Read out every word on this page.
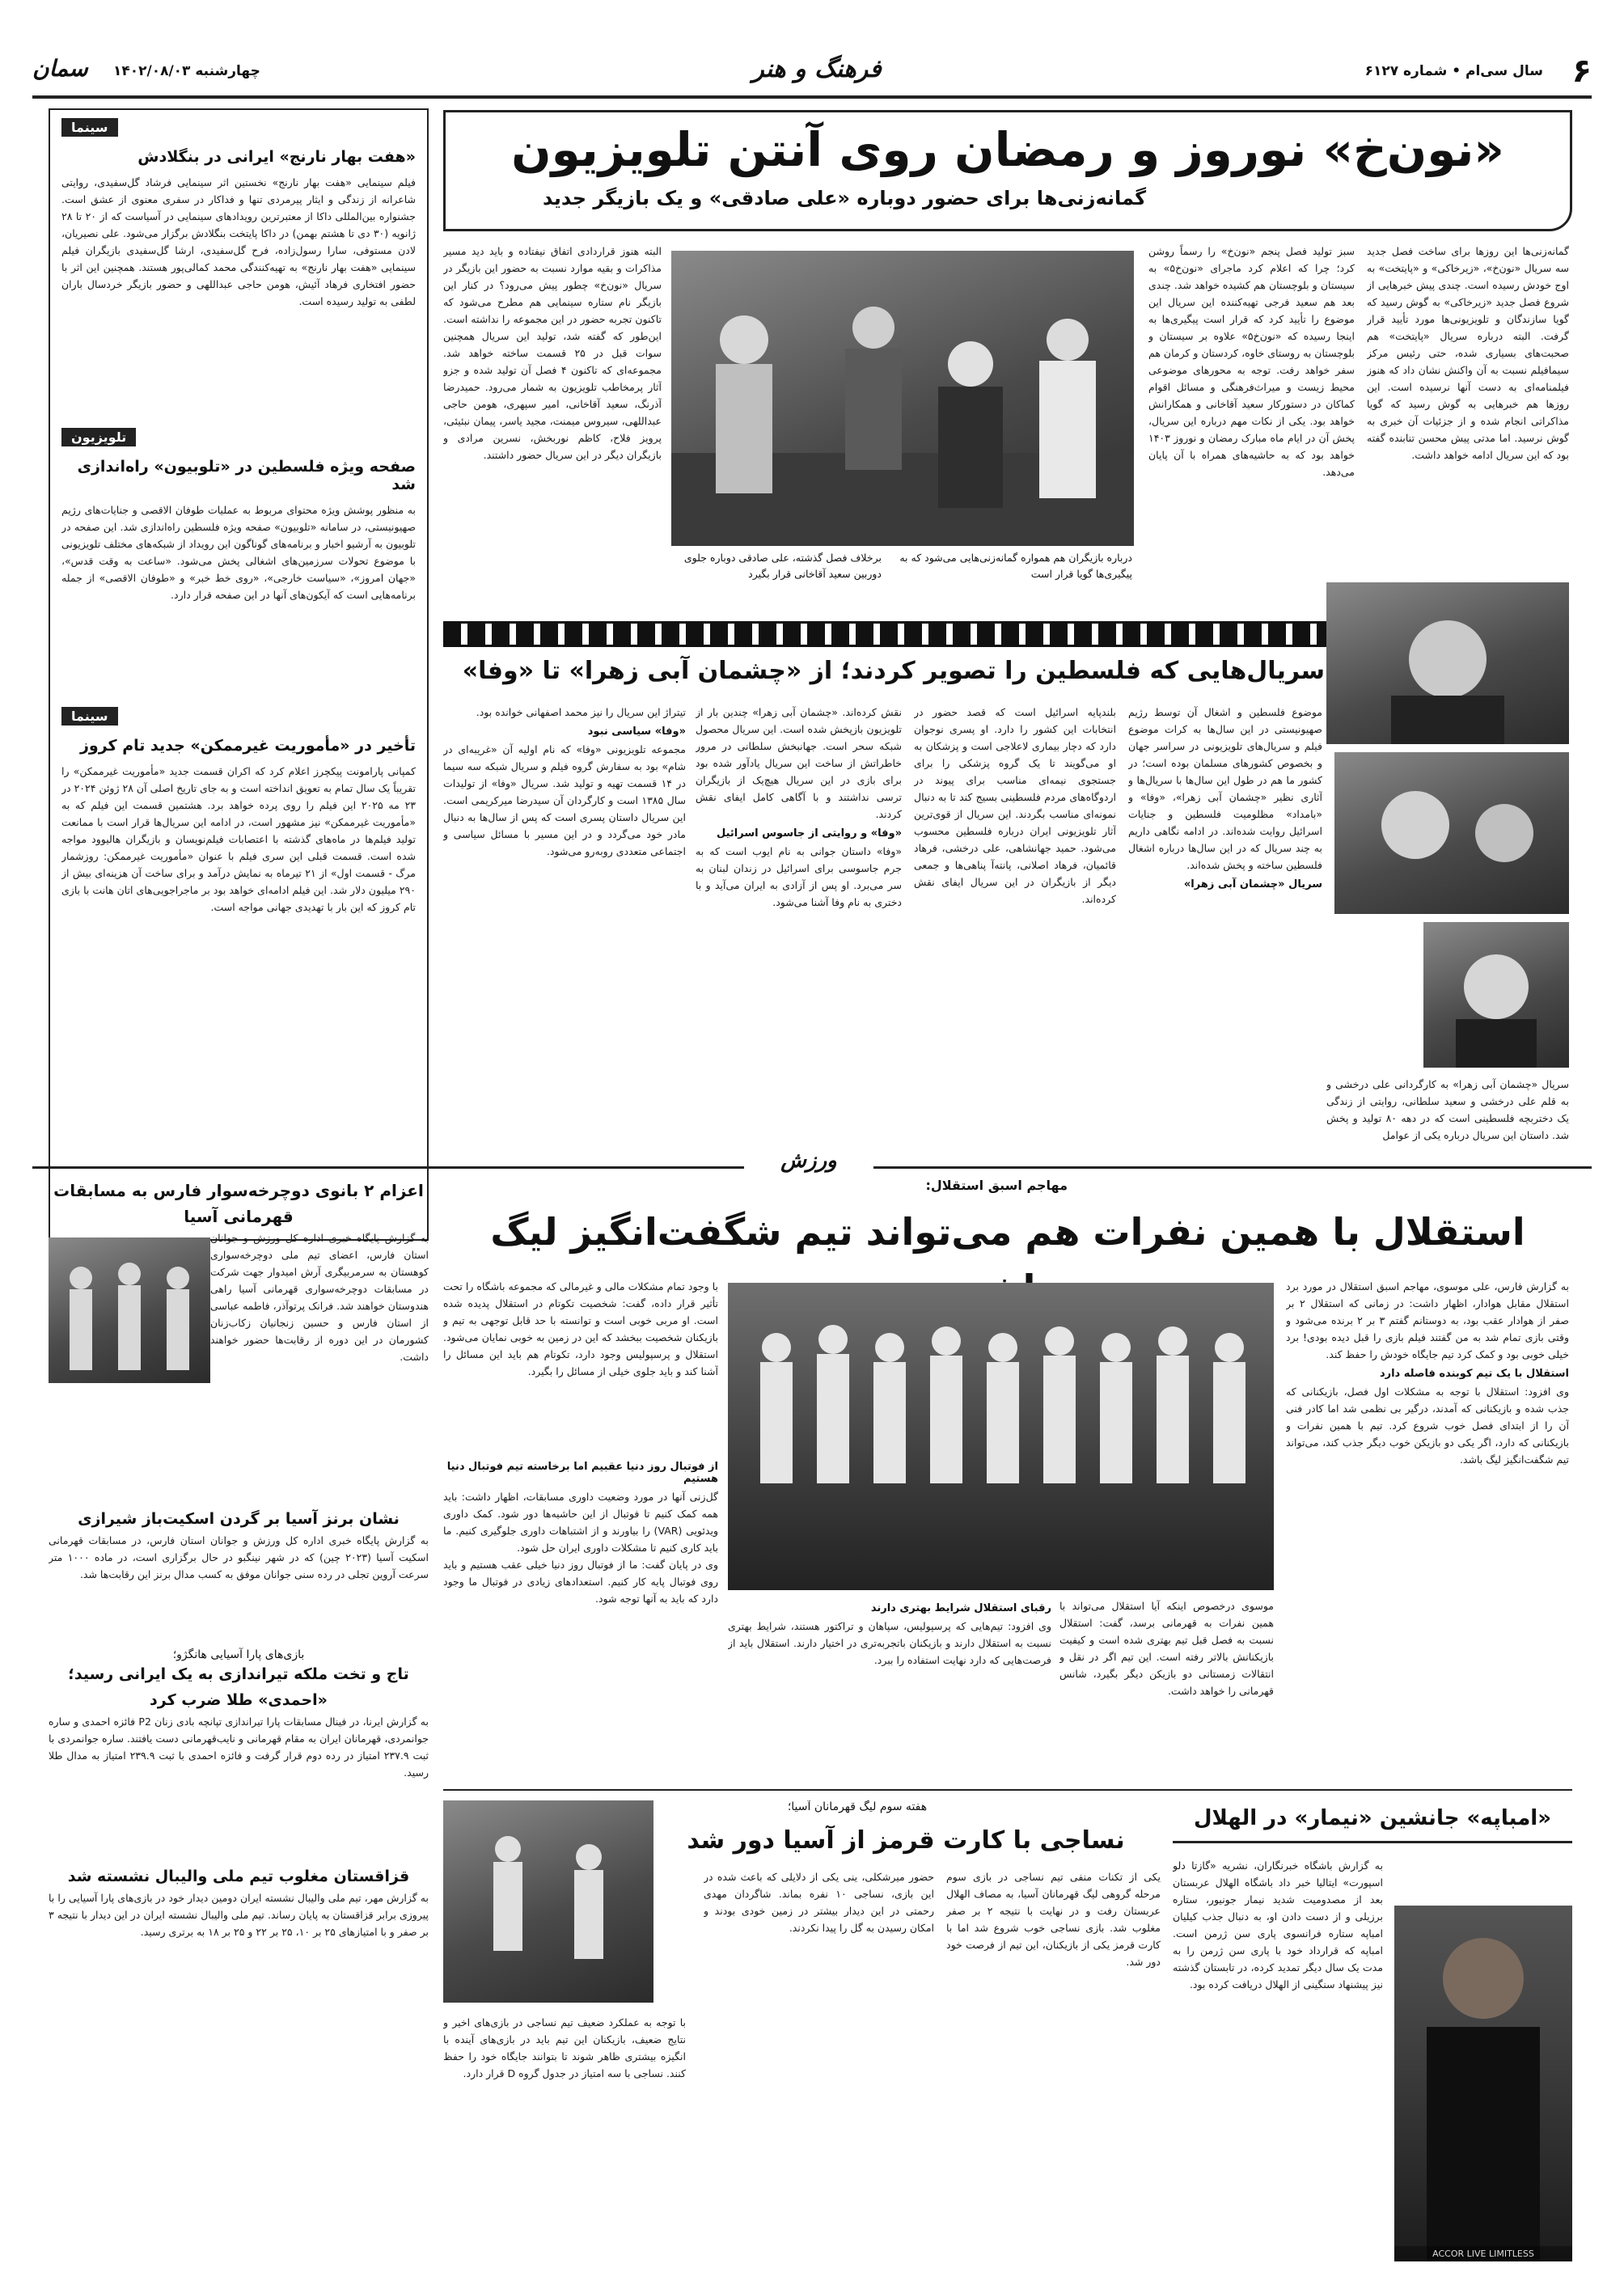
۶
سال سی‌ام • شماره ۶۱۲۷
فرهنگ و هنر
چهارشنبه ۱۴۰۲/۰۸/۰۳
سمان
سینما
«هفت بهار نارنج» ایرانی در بنگلادش
فیلم سینمایی «هفت بهار نارنج» نخستین اثر سینمایی فرشاد گل‌سفیدی، روایتی شاعرانه از زندگی و ایثار پیرمردی تنها و فداکار در سفری معنوی از عشق است. جشنواره بین‌المللی داکا از معتبرترین رویدادهای سینمایی در آسیاست که از ۲۰ تا ۲۸ ژانویه (۳۰ دی تا هشتم بهمن) در داکا پایتخت بنگلادش برگزار می‌شود. علی نصیریان، لادن مستوفی، سارا رسول‌زاده، فرح گل‌سفیدی، ارشا گل‌سفیدی بازیگران فیلم سینمایی «هفت بهار نارنج» به تهیه‌کنندگی محمد کمالی‌پور هستند. همچنین این اثر با حضور افتخاری فرهاد آئیش، هومن حاجی عبداللهی و حضور بازیگر خردسال باران لطفی به تولید رسیده است.
تلویزیون
صفحه ویژه فلسطین در «تلوبیون» راه‌اندازی شد
به منظور پوشش ویژه محتوای مربوط به عملیات طوفان الاقصی و جنایات‌های رژیم صهیونیستی، در سامانه «تلوبیون» صفحه ویژه فلسطین راه‌اندازی شد. این صفحه در تلوبیون به آرشیو اخبار و برنامه‌های گوناگون این رویداد از شبکه‌های مختلف تلویزیونی با موضوع تحولات سرزمین‌های اشغالی پخش می‌شود. «ساعت به وقت قدس»، «جهان امروز»، «سیاست خارجی»، «روی خط خبر» و «طوفان الاقصی» از جمله برنامه‌هایی است که آیکون‌های آنها در این صفحه قرار دارد.
سینما
تأخیر در «مأموریت غیرممکن» جدید تام کروز
کمپانی پارامونت پیکچرز اعلام کرد که اکران قسمت جدید «مأموریت غیرممکن» را تقریباً یک سال تمام به تعویق انداخته است و به جای تاریخ اصلی آن ۲۸ ژوئن ۲۰۲۴ در ۲۳ مه ۲۰۲۵ این فیلم را روی پرده خواهد برد. هشتمین قسمت این فیلم که به «مأموریت غیرممکن» نیز مشهور است، در ادامه این سریال‌ها قرار است با ممانعت تولید فیلم‌ها در ماه‌های گذشته با اعتصابات فیلم‌نویسان و بازیگران هالیوود مواجه شده است. قسمت قبلی این سری فیلم با عنوان «مأموریت غیرممکن: روزشمار مرگ - قسمت اول» از ۲۱ تیرماه به نمایش درآمد و برای ساخت آن هزینه‌ای بیش از ۲۹۰ میلیون دلار شد. این فیلم ادامه‌ای خواهد بود بر ماجراجویی‌های اتان هانت با بازی تام کروز که این بار با تهدیدی جهانی مواجه است.
«نون‌خ» نوروز و رمضان روی آنتن تلویزیون
گمانه‌زنی‌ها برای حضور دوباره «علی صادقی» و یک بازیگر جدید
گمانه‌زنی‌ها این روزها برای ساخت فصل جدید سه سریال «نون‌خ»، «زیرخاکی» و «پایتخت» به اوج خودش رسیده است. چندی پیش خبرهایی از شروع فصل جدید «زیرخاکی» به گوش رسید که گویا سازندگان و تلویزیونی‌ها مورد تأیید قرار گرفت. البته درباره سریال «پایتخت» هم صحبت‌های بسیاری شده، حتی رئیس مرکز سیمافیلم نسبت به آن واکنش نشان داد که هنوز فیلمنامه‌ای به دست آنها نرسیده است. این روزها هم خبرهایی به گوش رسید که گویا مذاکراتی انجام شده و از جزئیات آن خبری به گوش نرسید. اما مدتی پیش محسن تنابنده گفته بود که این سریال ادامه خواهد داشت.
سبز تولید فصل پنجم «نون‌خ» را رسماً روشن کرد؛ چرا که اعلام کرد ماجرای «نون‌خ۵» به سیستان و بلوچستان هم کشیده خواهد شد. چندی بعد هم سعید فرجی تهیه‌کننده این سریال این موضوع را تأیید کرد که قرار است پیگیری‌ها به اینجا رسیده که «نون‌خ۵» علاوه بر سیستان و بلوچستان به روستای خاوه، کردستان و کرمان هم سفر خواهد رفت. توجه به محورهای موضوعی محیط زیست و میراث‌فرهنگی و مسائل اقوام کماکان در دستورکار سعید آقاخانی و همکارانش خواهد بود. یکی از نکات مهم درباره این سریال، پخش آن در ایام ماه مبارک رمضان و نوروز ۱۴۰۳ خواهد بود که به حاشیه‌های همراه با آن پایان می‌دهد.
درباره بازیگران هم همواره گمانه‌زنی‌هایی می‌شود که به پیگیری‌ها گویا قرار است
برخلاف فصل گذشته، علی صادقی دوباره جلوی دوربین سعید آقاخانی قرار بگیرد
البته هنوز قراردادی اتفاق نیفتاده و باید دید مسیر مذاکرات و بقیه موارد نسبت به حضور این بازیگر در سریال «نون‌خ» چطور پیش می‌رود؟ در کنار این بازیگر نام ستاره سینمایی هم مطرح می‌شود که تاکنون تجربه حضور در این مجموعه را نداشته است. این‌طور که گفته شد، تولید این سریال همچنین سوات قبل در ۲۵ قسمت ساخته خواهد شد. مجموعه‌ای که تاکنون ۴ فصل آن تولید شده و جزو آثار پرمخاطب تلویزیون به شمار می‌رود. حمیدرضا آذرنگ، سعید آقاخانی، امیر سپهری، هومن حاجی عبداللهی، سیروس میمنت، مجید یاسر، پیمان نبئیئی، پرویز فلاح، کاظم نوربخش، نسرین مرادی و بازیگران دیگر در این سریال حضور داشتند.
سریال‌هایی که فلسطین را تصویر کردند؛ از «چشمان آبی زهرا» تا «وفا»
موضوع فلسطین و اشغال آن توسط رژیم صهیونیستی در این سال‌ها به کرات موضوع فیلم و سریال‌های تلویزیونی در سراسر جهان و بخصوص کشورهای مسلمان بوده است؛ در کشور ما هم در طول این سال‌ها با سریال‌ها و آثاری نظیر «چشمان آبی زهرا»، «وفا» و «بامداد» مظلومیت فلسطین و جنایات اسرائیل روایت شده‌اند. در ادامه نگاهی داریم به چند سریال که در این سال‌ها درباره اشغال فلسطین ساخته و پخش شده‌اند.
سریال «چشمان آبی زهرا»
سریال «چشمان آبی زهرا» به کارگردانی علی درخشی و به قلم علی درخشی و سعید سلطانی، روایتی از زندگی یک دختربچه فلسطینی است که در دهه ۸۰ تولید و پخش شد. داستان این سریال درباره یکی از عوامل
بلندپایه اسرائیل است که قصد حضور در انتخابات این کشور را دارد. او پسری نوجوان دارد که دچار بیماری لاعلاجی است و پزشکان به او می‌گویند تا یک گروه پزشکی را برای جستجوی نیمه‌ای مناسب برای پیوند در اردوگاه‌های مردم فلسطینی بسیج کند تا به دنبال نمونه‌ای مناسب بگردند. این سریال از قوی‌ترین آثار تلویزیونی ایران درباره فلسطین محسوب می‌شود. حمید جهانشاهی، علی درخشی، فرهاد قائمیان، فرهاد اصلانی، پانته‌آ پناهی‌ها و جمعی دیگر از بازیگران در این سریال ایفای نقش کرده‌اند.
نقش کرده‌اند. «چشمان آبی زهرا» چندین بار از تلویزیون بازپخش شده است. این سریال محصول شبکه سحر است. جهانبخش سلطانی در مرور خاطراتش از ساخت این سریال یادآور شده بود برای بازی در این سریال هیچ‌یک از بازیگران ترسی نداشتند و با آگاهی کامل ایفای نقش کردند.
«وفا» و روایتی از جاسوس اسرائیل
«وفا» داستان جوانی به نام ایوب است که به جرم جاسوسی برای اسرائیل در زندان لبنان به سر می‌برد. او پس از آزادی به ایران می‌آید و با دختری به نام وفا آشنا می‌شود.
تیتراژ این سریال را نیز محمد اصفهانی خوانده بود.
«وفا» سیاسی نبود
مجموعه تلویزیونی «وفا» که نام اولیه آن «غریبه‌ای در شام» بود به سفارش گروه فیلم و سریال شبکه سه سیما در ۱۴ قسمت تهیه و تولید شد. سریال «وفا» از تولیدات سال ۱۳۸۵ است و کارگردان آن سیدرضا میرکریمی است. این سریال داستان پسری است که پس از سال‌ها به دنبال مادر خود می‌گردد و در این مسیر با مسائل سیاسی و اجتماعی متعددی روبه‌رو می‌شود.
ورزش
مهاجم اسبق استقلال:
استقلال با همین نفرات هم می‌تواند تیم شگفت‌انگیز لیگ
به گزارش فارس، علی موسوی، مهاجم اسبق استقلال در مورد برد استقلال مقابل هوادار، اظهار داشت: در زمانی که استقلال ۲ بر صفر از هوادار عقب بود، به دوستانم گفتم ۳ بر ۲ برنده می‌شود و وقتی بازی تمام شد به من گفتند فیلم بازی را قبل دیده بودی! برد خیلی خوبی بود و کمک کرد تیم جایگاه خودش را حفظ کند.
استقلال با یک تیم کوبنده فاصله دارد
وی افزود: استقلال با توجه به مشکلات اول فصل، بازیکنانی که جذب شده و بازیکنانی که آمدند، درگیر بی نظمی شد اما کادر فنی آن را از ابتدای فصل خوب شروع کرد. تیم با همین نفرات و بازیکنانی که دارد، اگر یکی دو بازیکن خوب دیگر جذب کند، می‌تواند تیم شگفت‌انگیز لیگ باشد.
موسوی درخصوص اینکه آیا استقلال می‌تواند با همین نفرات به قهرمانی برسد، گفت: استقلال نسبت به فصل قبل تیم بهتری شده است و کیفیت بازیکنانش بالاتر رفته است. این تیم اگر در نقل و انتقالات زمستانی دو بازیکن دیگر بگیرد، شانس قهرمانی را خواهد داشت.
رقبای استقلال شرایط بهتری دارند
وی افزود: تیم‌هایی که پرسپولیس، سپاهان و تراکتور هستند، شرایط بهتری نسبت به استقلال دارند و بازیکنان باتجربه‌تری در اختیار دارند. استقلال باید از فرصت‌هایی که دارد نهایت استفاده را ببرد.
از فوتبال روز دنیا عقبیم اما برخاسته تیم فوتبال دنیا هستیم
گل‌زنی آنها در مورد وضعیت داوری مسابقات، اظهار داشت: باید همه کمک کنیم تا فوتبال از این حاشیه‌ها دور شود. کمک داوری ویدئویی (VAR) را بیاورند و از اشتباهات داوری جلوگیری کنیم. ما باید کاری کنیم تا مشکلات داوری ایران حل شود.
وی در پایان گفت: ما از فوتبال روز دنیا خیلی عقب هستیم و باید روی فوتبال پایه کار کنیم. استعدادهای زیادی در فوتبال ما وجود دارد که باید به آنها توجه شود.
با وجود تمام مشکلات مالی و غیرمالی که مجموعه باشگاه را تحت تأثیر قرار داده، گفت: شخصیت تکوتام در استقلال پدیده شده است. او مربی خوبی است و توانسته با حد قابل توجهی به تیم و بازیکنان شخصیت ببخشد که این در زمین به خوبی نمایان می‌شود. استقلال و پرسپولیس وجود دارد، تکوتام هم باید این مسائل را آشنا کند و باید جلوی خیلی از مسائل را بگیرد.
اعزام ۲ بانوی دوچرخه‌سوار فارس به مسابقات قهرمانی آسیا
به گزارش پایگاه خبری اداره کل ورزش و جوانان استان فارس، اعضای تیم ملی دوچرخه‌سواری کوهستان به سرمربیگری آرش امیدوار جهت شرکت در مسابقات دوچرخه‌سواری قهرمانی آسیا راهی هندوستان خواهند شد. فرانک پرتوآذر، فاطمه عباسی از استان فارس و حسین زنجانیان زکاب‌زنان کشورمان در این دوره از رقابت‌ها حضور خواهند داشت.
نشان برنز آسیا بر گردن اسکیت‌باز شیرازی
به گزارش پایگاه خبری اداره کل ورزش و جوانان استان فارس، در مسابقات قهرمانی اسکیت آسیا (۲۰۲۳ چین) که در شهر نینگبو در حال برگزاری است، در ماده ۱۰۰۰ متر سرعت آروین تجلی در رده سنی جوانان موفق به کسب مدال برنز این رقابت‌ها شد.
بازی‌های پارا آسیایی هانگژو؛
تاج و تخت ملکه تیراندازی به یک ایرانی رسید؛ «احمدی» طلا ضرب کرد
به گزارش ایرنا، در فینال مسابقات پارا تیراندازی تپانچه بادی زنان P2 فائزه احمدی و ساره جوانمردی، قهرمانان ایران به مقام قهرمانی و نایب‌قهرمانی دست یافتند. ساره جوانمردی با ثبت ۲۳۷.۹ امتیاز در رده دوم قرار گرفت و فائزه احمدی با ثبت ۲۳۹.۹ امتیاز به مدال طلا رسید.
قزاقستان مغلوب تیم ملی والیبال نشسته شد
به گزارش مهر، تیم ملی والیبال نشسته ایران دومین دیدار خود در بازی‌های پارا آسیایی را با پیروزی برابر قزاقستان به پایان رساند. تیم ملی والیبال نشسته ایران در این دیدار با نتیجه ۳ بر صفر و با امتیازهای ۲۵ بر ۱۰، ۲۵ بر ۲۲ و ۲۵ بر ۱۸ به برتری رسید.
هفته سوم لیگ قهرمانان آسیا؛
نساجی با کارت قرمز از آسیا دور شد
یکی از تکنات منفی تیم نساجی در بازی سوم مرحله گروهی لیگ قهرمانان آسیا، به مصاف الهلال عربستان رفت و در نهایت با نتیجه ۲ بر صفر مغلوب شد. بازی نساجی خوب شروع شد اما با کارت قرمز یکی از بازیکنان، این تیم از فرصت خود دور شد.
حضور میرشکلی، ینی یکی از دلایلی که باعث شده در این بازی، نساجی ۱۰ نفره بماند. شاگردان مهدی رحمتی در این دیدار بیشتر در زمین خودی بودند و امکان رسیدن به گل را پیدا نکردند.
با توجه به عملکرد ضعیف تیم نساجی در بازی‌های اخیر و نتایج ضعیف، بازیکنان این تیم باید در بازی‌های آینده با انگیزه بیشتری ظاهر شوند تا بتوانند جایگاه خود را حفظ کنند. نساجی با سه امتیاز در جدول گروه D قرار دارد.
«امباپه» جانشین «نیمار» در الهلال
به گزارش باشگاه خبرنگاران، نشریه «گازتا دلو اسپورت» ایتالیا خبر داد باشگاه الهلال عربستان بعد از مصدومیت شدید نیمار جونیور، ستاره برزیلی و از دست دادن او، به دنبال جذب کیلیان امباپه ستاره فرانسوی پاری سن ژرمن است. امباپه که قرارداد خود با پاری سن ژرمن را به مدت یک سال دیگر تمدید کرده، در تابستان گذشته نیز پیشنهاد سنگینی از الهلال دریافت کرده بود.
ACCOR LIVE LIMITLESS
